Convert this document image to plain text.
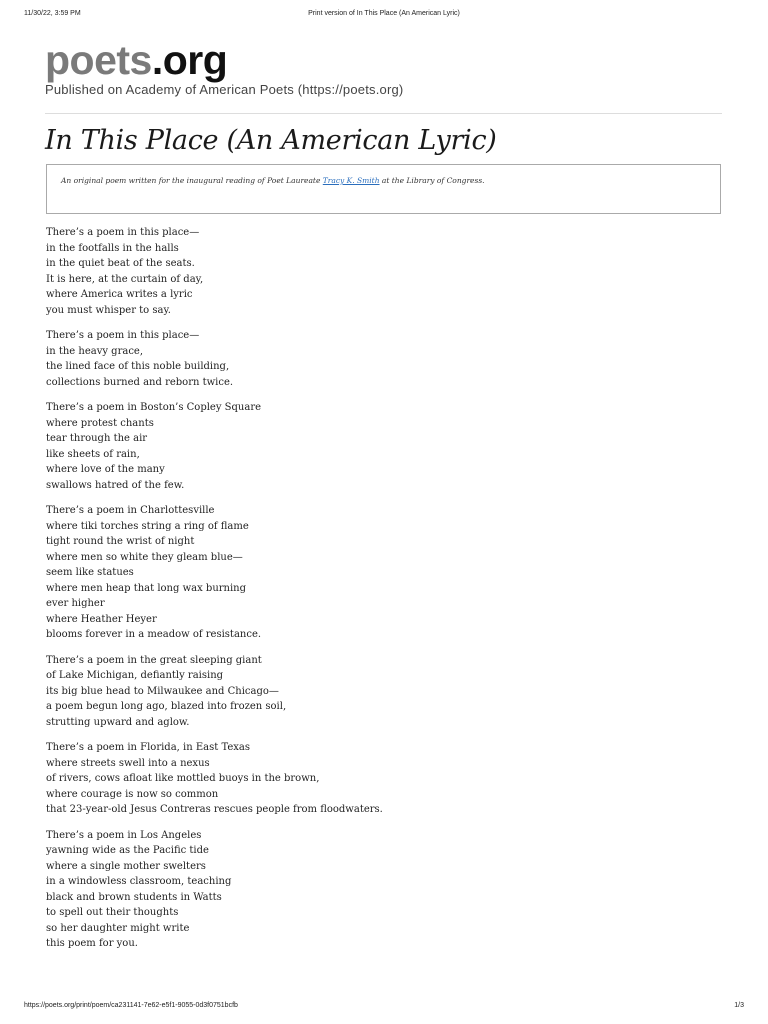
11/30/22, 3:59 PM	Print version of In This Place (An American Lyric)
poets.org
Published on Academy of American Poets (https://poets.org)
In This Place (An American Lyric)
An original poem written for the inaugural reading of Poet Laureate Tracy K. Smith at the Library of Congress.
There’s a poem in this place—
in the footfalls in the halls
in the quiet beat of the seats.
It is here, at the curtain of day,
where America writes a lyric
you must whisper to say.
There’s a poem in this place—
in the heavy grace,
the lined face of this noble building,
collections burned and reborn twice.
There’s a poem in Boston’s Copley Square
where protest chants
tear through the air
like sheets of rain,
where love of the many
swallows hatred of the few.
There’s a poem in Charlottesville
where tiki torches string a ring of flame
tight round the wrist of night
where men so white they gleam blue—
seem like statues
where men heap that long wax burning
ever higher
where Heather Heyer
blooms forever in a meadow of resistance.
There’s a poem in the great sleeping giant
of Lake Michigan, defiantly raising
its big blue head to Milwaukee and Chicago—
a poem begun long ago, blazed into frozen soil,
strutting upward and aglow.
There’s a poem in Florida, in East Texas
where streets swell into a nexus
of rivers, cows afloat like mottled buoys in the brown,
where courage is now so common
that 23-year-old Jesus Contreras rescues people from floodwaters.
There’s a poem in Los Angeles
yawning wide as the Pacific tide
where a single mother swelters
in a windowless classroom, teaching
black and brown students in Watts
to spell out their thoughts
so her daughter might write
this poem for you.
https://poets.org/print/poem/ca231141-7e62-e5f1-9055-0d3f0751bcfb	1/3
